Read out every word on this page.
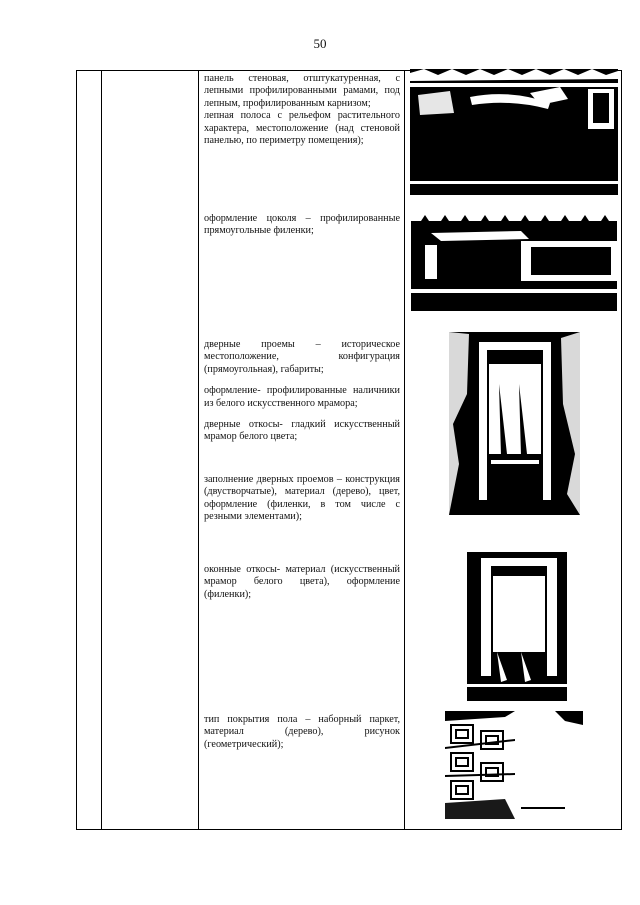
50

панель стеновая, отштукатуренная, с лепными профилированными рамами, под лепным, профилированным карнизом;

лепная полоса с рельефом растительного характера, местоположение (над стеновой панелью, по периметру помещения);

оформление цоколя – профилированные прямоугольные филенки;

дверные проемы – историческое местоположение, конфигурация (прямоугольная), габариты;

оформление- профилированные наличники из белого искусственного мрамора;

дверные откосы- гладкий искусственный мрамор белого цвета;

заполнение дверных проемов – конструкция (двустворчатые), материал (дерево), цвет, оформление (филенки, в том числе с резными элементами);

оконные откосы- материал (искусственный мрамор белого цвета), оформление (филенки);

тип покрытия пола – наборный паркет, материал (дерево), рисунок (геометрический);
